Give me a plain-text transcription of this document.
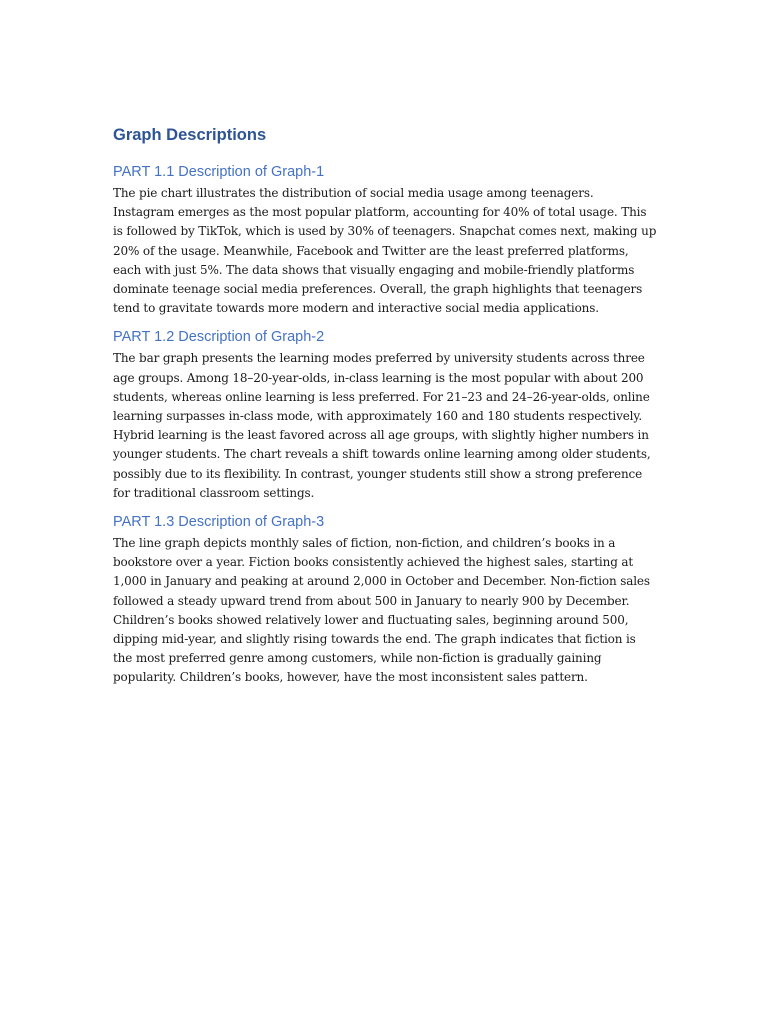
Graph Descriptions
PART 1.1 Description of Graph-1

The pie chart illustrates the distribution of social media usage among teenagers. Instagram emerges as the most popular platform, accounting for 40% of total usage. This is followed by TikTok, which is used by 30% of teenagers. Snapchat comes next, making up 20% of the usage. Meanwhile, Facebook and Twitter are the least preferred platforms, each with just 5%. The data shows that visually engaging and mobile-friendly platforms dominate teenage social media preferences. Overall, the graph highlights that teenagers tend to gravitate towards more modern and interactive social media applications.

PART 1.2 Description of Graph-2

The bar graph presents the learning modes preferred by university students across three age groups. Among 18–20-year-olds, in-class learning is the most popular with about 200 students, whereas online learning is less preferred. For 21–23 and 24–26-year-olds, online learning surpasses in-class mode, with approximately 160 and 180 students respectively. Hybrid learning is the least favored across all age groups, with slightly higher numbers in younger students. The chart reveals a shift towards online learning among older students, possibly due to its flexibility. In contrast, younger students still show a strong preference for traditional classroom settings.

PART 1.3 Description of Graph-3

The line graph depicts monthly sales of fiction, non-fiction, and children’s books in a bookstore over a year. Fiction books consistently achieved the highest sales, starting at 1,000 in January and peaking at around 2,000 in October and December. Non-fiction sales followed a steady upward trend from about 500 in January to nearly 900 by December. Children’s books showed relatively lower and fluctuating sales, beginning around 500, dipping mid-year, and slightly rising towards the end. The graph indicates that fiction is the most preferred genre among customers, while non-fiction is gradually gaining popularity. Children’s books, however, have the most inconsistent sales pattern.
